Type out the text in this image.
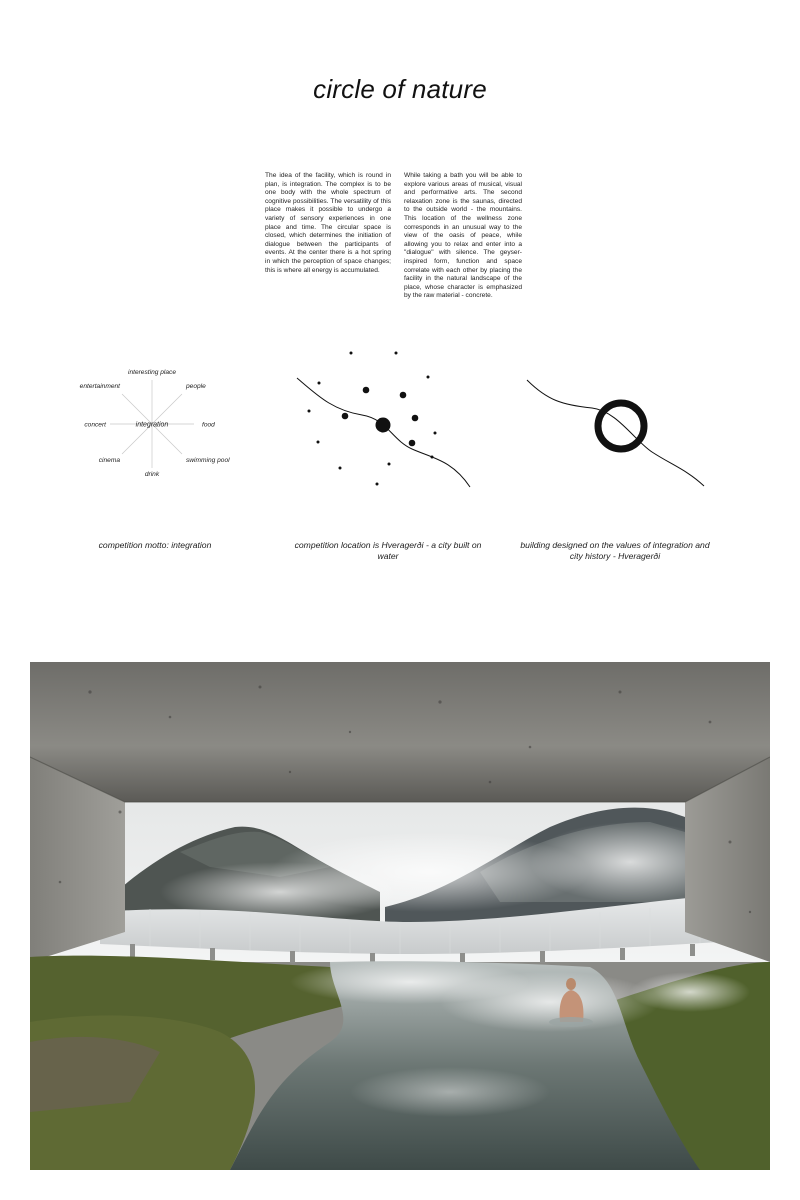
circle of nature
The idea of the facility, which is round in plan, is integration. The complex is to be one body with the whole spectrum of cognitive possibilities. The versatility of this place makes it possible to undergo a variety of sensory experiences in one place and time. The circular space is closed, which determines the initiation of dialogue between the participants of events. At the center there is a hot spring in which the perception of space changes; this is where all energy is accumulated.
While taking a bath you will be able to explore various areas of musical, visual and performative arts. The second relaxation zone is the saunas, directed to the outside world - the mountains. This location of the wellness zone corresponds in an unusual way to the view of the oasis of peace, while allowing you to relax and enter into a "dialogue" with silence. The geyser-inspired form, function and space correlate with each other by placing the facility in the natural landscape of the place, whose character is emphasized by the raw material - concrete.
integration
interesting place
people
food
swimming pool
drink
cinema
concert
entertainment
competition motto: integration	competition location is Hveragerði - a city built on water
building designed on the values of integration and city history - Hveragerði
